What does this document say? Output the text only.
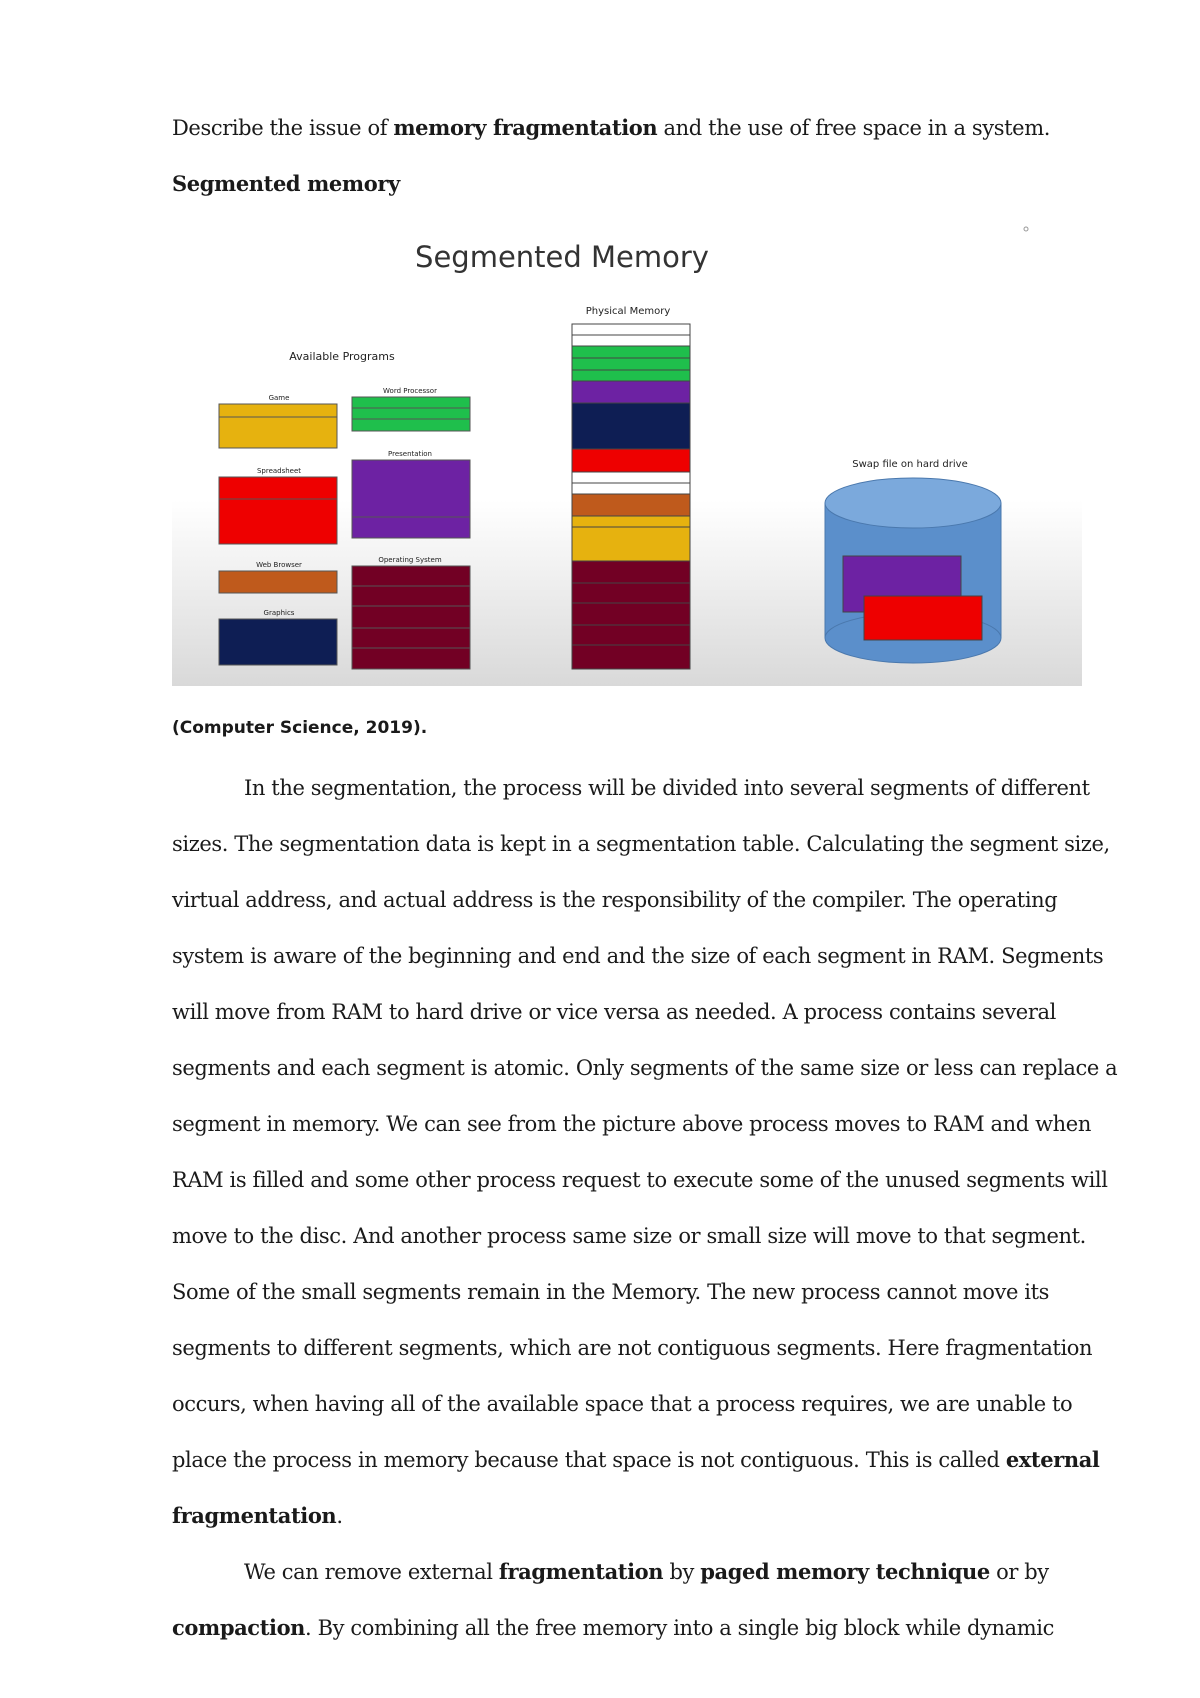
Describe the issue of memory fragmentation and the use of free space in a system.
Segmented memory
Segmented Memory
Available Programs
Physical Memory
Swap file on hard drive
Game
Word Processor
Spreadsheet
Presentation
Web Browser
Operating System
Graphics
(Computer Science, 2019).

In the segmentation, the process will be divided into several segments of different sizes. The segmentation data is kept in a segmentation table. Calculating the segment size, virtual address, and actual address is the responsibility of the compiler. The operating system is aware of the beginning and end and the size of each segment in RAM. Segments will move from RAM to hard drive or vice versa as needed. A process contains several segments and each segment is atomic. Only segments of the same size or less can replace a segment in memory. We can see from the picture above process moves to RAM and when RAM is filled and some other process request to execute some of the unused segments will move to the disc. And another process same size or small size will move to that segment. Some of the small segments remain in the Memory. The new process cannot move its segments to different segments, which are not contiguous segments. Here fragmentation occurs, when having all of the available space that a process requires, we are unable to place the process in memory because that space is not contiguous. This is called external fragmentation.

We can remove external fragmentation by paged memory technique or by compaction. By combining all the free memory into a single big block while dynamic
